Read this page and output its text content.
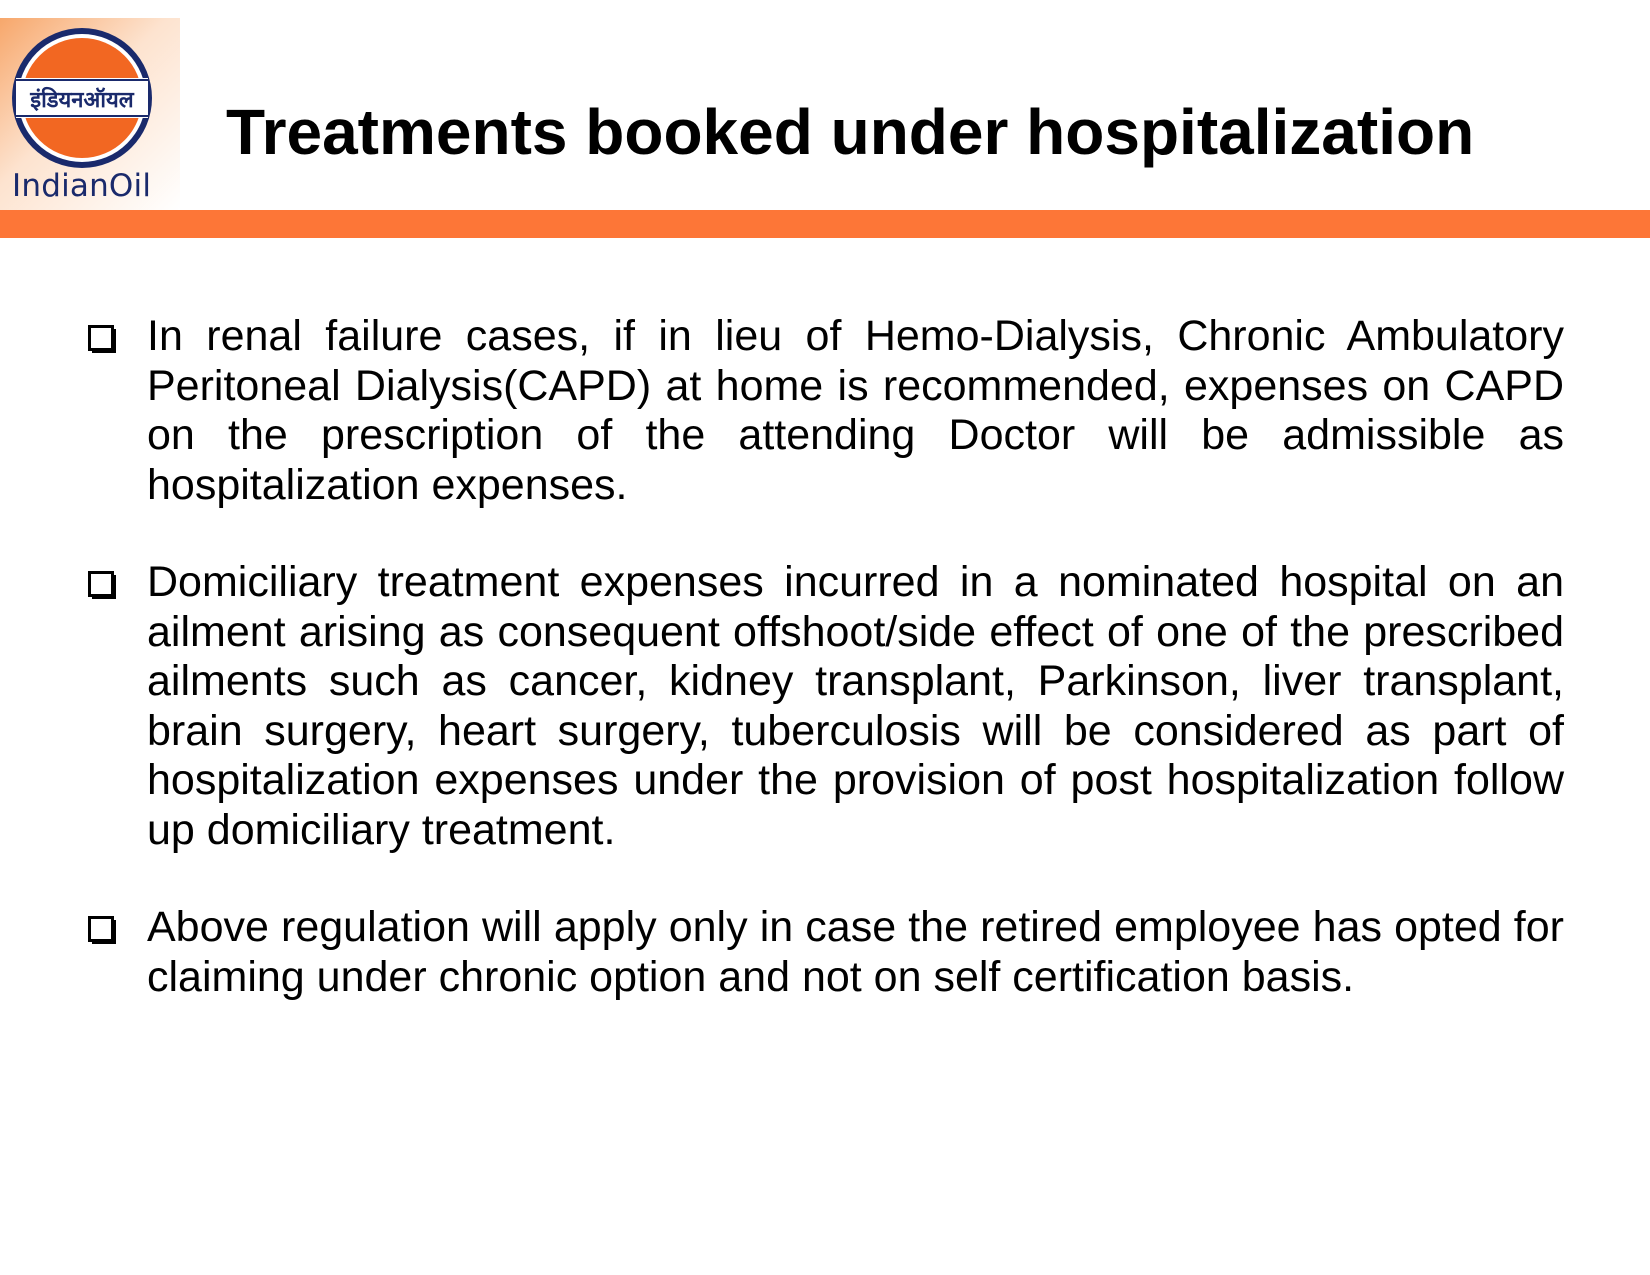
इंडियनऑयल
IndianOil
Treatments booked under hospitalization

In renal failure cases, if in lieu of Hemo-Dialysis, Chronic Ambulatory Peritoneal Dialysis(CAPD) at home is recommended, expenses on CAPD on the prescription of the attending Doctor will be admissible as hospitalization expenses.

Domiciliary treatment expenses incurred in a nominated hospital on an ailment arising as consequent offshoot/side effect of one of the prescribed ailments such as cancer, kidney transplant, Parkinson, liver transplant, brain surgery, heart surgery, tuberculosis will be considered as part of hospitalization expenses under the provision of post hospitalization follow up domiciliary treatment.

Above regulation will apply only in case the retired employee has opted for claiming under chronic option and not on self certification basis.
